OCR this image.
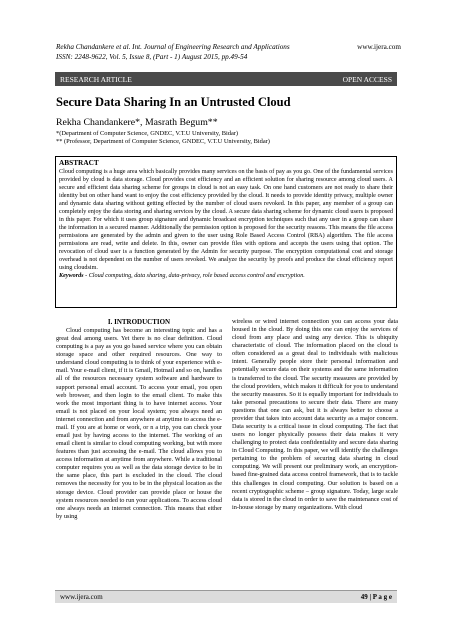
Rekha Chandankere et al. Int. Journal of Engineering Research and Applications	www.ijera.com
ISSN: 2248-9622, Vol. 5, Issue 8, (Part - 1) August 2015, pp.49-54
RESEARCH ARTICLE	OPEN ACCESS
Secure Data Sharing In an Untrusted Cloud
Rekha Chandankere*, Masrath Begum**
*(Department of Computer Science, GNDEC, V.T.U University, Bidar)
** (Professor, Department of Computer Science, GNDEC, V.T.U University, Bidar)
ABSTRACT
Cloud computing is a huge area which basically provides many services on the basis of pay as you go. One of the fundamental services provided by cloud is data storage. Cloud provides cost efficiency and an efficient solution for sharing resource among cloud users. A secure and efficient data sharing scheme for groups in cloud is not an easy task. On one hand customers are not ready to share their identity but on other hand want to enjoy the cost efficiency provided by the cloud. It needs to provide identity privacy, multiple owner and dynamic data sharing without getting effected by the number of cloud users revoked. In this paper, any member of a group can completely enjoy the data storing and sharing services by the cloud. A secure data sharing scheme for dynamic cloud users is proposed in this paper. For which it uses group signature and dynamic broadcast encryption techniques such that any user in a group can share the information in a secured manner. Additionally the permission option is proposed for the security reasons. This means the file access permissions are generated by the admin and given to the user using Role Based Access Control (RBA) algorithm. The file access permissions are read, write and delete. In this, owner can provide files with options and accepts the users using that option. The revocation of cloud user is a function generated by the Admin for security purpose. The encryption computational cost and storage overhead is not dependent on the number of users revoked. We analyze the security by proofs and produce the cloud efficiency report using cloudsim.
Keywords - Cloud computing, data sharing, data-privacy, role based access control and encryption.
I. INTRODUCTION

Cloud computing has become an interesting topic and has a great deal among users. Yet there is no clear definition. Cloud computing is a pay as you go based service where you can obtain storage space and other required resources. One way to understand cloud computing is to think of your experience with e-mail. Your e-mail client, if it is Gmail, Hotmail and so on, handles all of the resources necessary system software and hardware to support personal email account. To access your email, you open web browser, and then login to the email client. To make this work the most important thing is to have internet access. Your email is not placed on your local system; you always need an internet connection and from anywhere at anytime to access the e-mail. If you are at home or work, or n a trip, you can check your email just by having access to the internet. The working of an email client is similar to cloud computing working, but with more features than just accessing the e-mail. The cloud allows you to access information at anytime from anywhere. While a traditional computer requires you as well as the data storage device to be in the same place, this part is excluded in the cloud. The cloud removes the necessity for you to be in the physical location as the storage device. Cloud provider can provide place or house the system resources needed to run your applications. To access cloud one always needs an internet connection. This means that either by using

wireless or wired internet connection you can access your data housed in the cloud. By doing this one can enjoy the services of cloud from any place and using any device. This is ubiquity characteristic of cloud. The information placed on the cloud is often considered as a great deal to individuals with malicious intent. Generally people store their personal information and potentially secure data on their systems and the same information is transferred to the cloud. The security measures are provided by the cloud providers, which makes it difficult for you to understand the security measures. So it is equally important for individuals to take personal precautions to secure their data. There are many questions that one can ask, but it is always better to choose a provider that takes into account data security as a major concern. Data security is a critical issue in cloud computing. The fact that users no longer physically possess their data makes it very challenging to protect data confidentiality and secure data sharing in Cloud Computing. In this paper, we will identify the challenges pertaining to the problem of securing data sharing in cloud computing. We will present our preliminary work, an encryption-based fine-grained data access control framework, that is to tackle this challenges in cloud computing. Our solution is based on a recent cryptographic scheme – group signature. Today, large scale data is stored in the cloud in order to save the maintenance cost of in-house storage by many organizations. With cloud

www.ijera.com	49 | P a g e
